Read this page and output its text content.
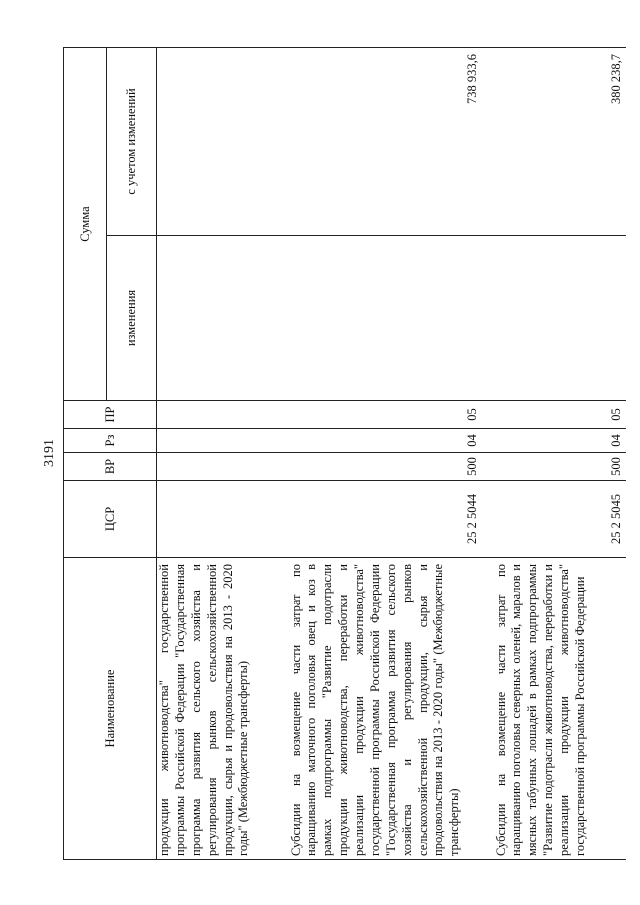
3191
Наименование	ЦСР	ВР	Рз	ПР	Сумма	
					изменения	с учетом изменений
продукции животноводства" государственной программы Российской Федерации "Государственная программа развития сельского хозяйства и регулирования рынков сельскохозяйственной продукции, сырья и продовольствия на 2013 - 2020 годы" (Межбюджетные трансферты)						
Субсидии на возмещение части затрат по наращиванию маточного поголовья овец и коз в рамках подпрограммы "Развитие подотрасли продукции животноводства, переработки и реализации продукции животноводства" государственной программы Российской Федерации "Государственная программа развития сельского хозяйства и регулирования рынков сельскохозяйственной продукции, сырья и продовольствия на 2013 - 2020 годы" (Межбюджетные трансферты)	25 2 5044	500	04	05		738 933,6
Субсидии на возмещение части затрат по наращиванию поголовья северных оленей, маралов и мясных табунных лошадей в рамках подпрограммы "Развитие подотрасли животноводства, переработки и реализации продукции животноводства" государственной программы Российской Федерации	25 2 5045	500	04	05		380 238,7
